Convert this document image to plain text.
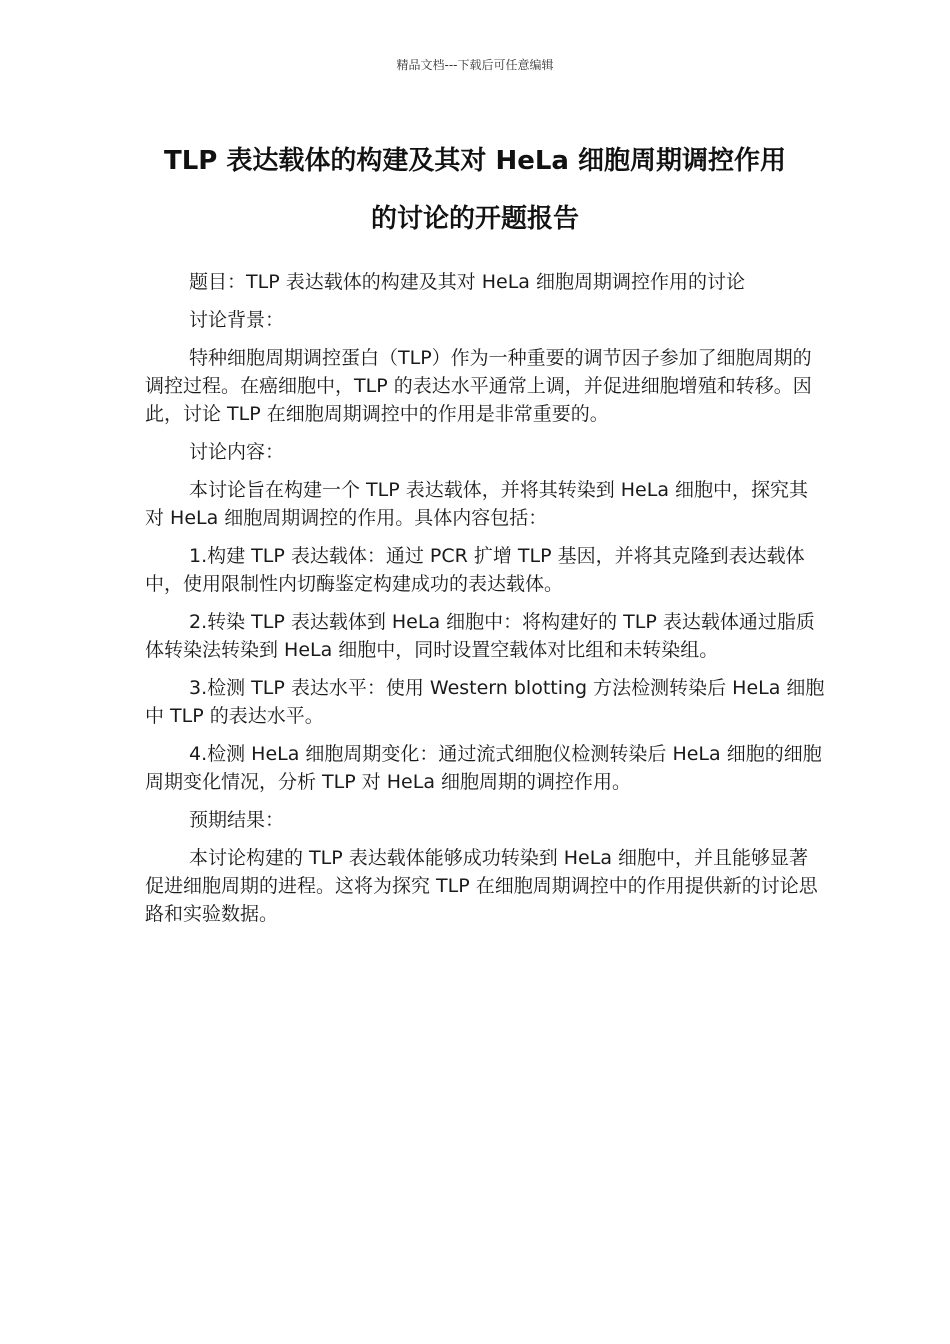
精品文档---下载后可任意编辑
TLP 表达载体的构建及其对 HeLa 细胞周期调控作用
的讨论的开题报告

题目：TLP 表达载体的构建及其对 HeLa 细胞周期调控作用的讨论

讨论背景：

特种细胞周期调控蛋白（TLP）作为一种重要的调节因子参加了细胞周期的调控过程。在癌细胞中，TLP 的表达水平通常上调，并促进细胞增殖和转移。因此，讨论 TLP 在细胞周期调控中的作用是非常重要的。

讨论内容：

本讨论旨在构建一个 TLP 表达载体，并将其转染到 HeLa 细胞中，探究其对 HeLa 细胞周期调控的作用。具体内容包括：

1.构建 TLP 表达载体：通过 PCR 扩增 TLP 基因，并将其克隆到表达载体中，使用限制性内切酶鉴定构建成功的表达载体。

2.转染 TLP 表达载体到 HeLa 细胞中：将构建好的 TLP 表达载体通过脂质体转染法转染到 HeLa 细胞中，同时设置空载体对比组和未转染组。

3.检测 TLP 表达水平：使用 Western blotting 方法检测转染后 HeLa 细胞中 TLP 的表达水平。

4.检测 HeLa 细胞周期变化：通过流式细胞仪检测转染后 HeLa 细胞的细胞周期变化情况，分析 TLP 对 HeLa 细胞周期的调控作用。

预期结果：

本讨论构建的 TLP 表达载体能够成功转染到 HeLa 细胞中，并且能够显著促进细胞周期的进程。这将为探究 TLP 在细胞周期调控中的作用提供新的讨论思路和实验数据。
